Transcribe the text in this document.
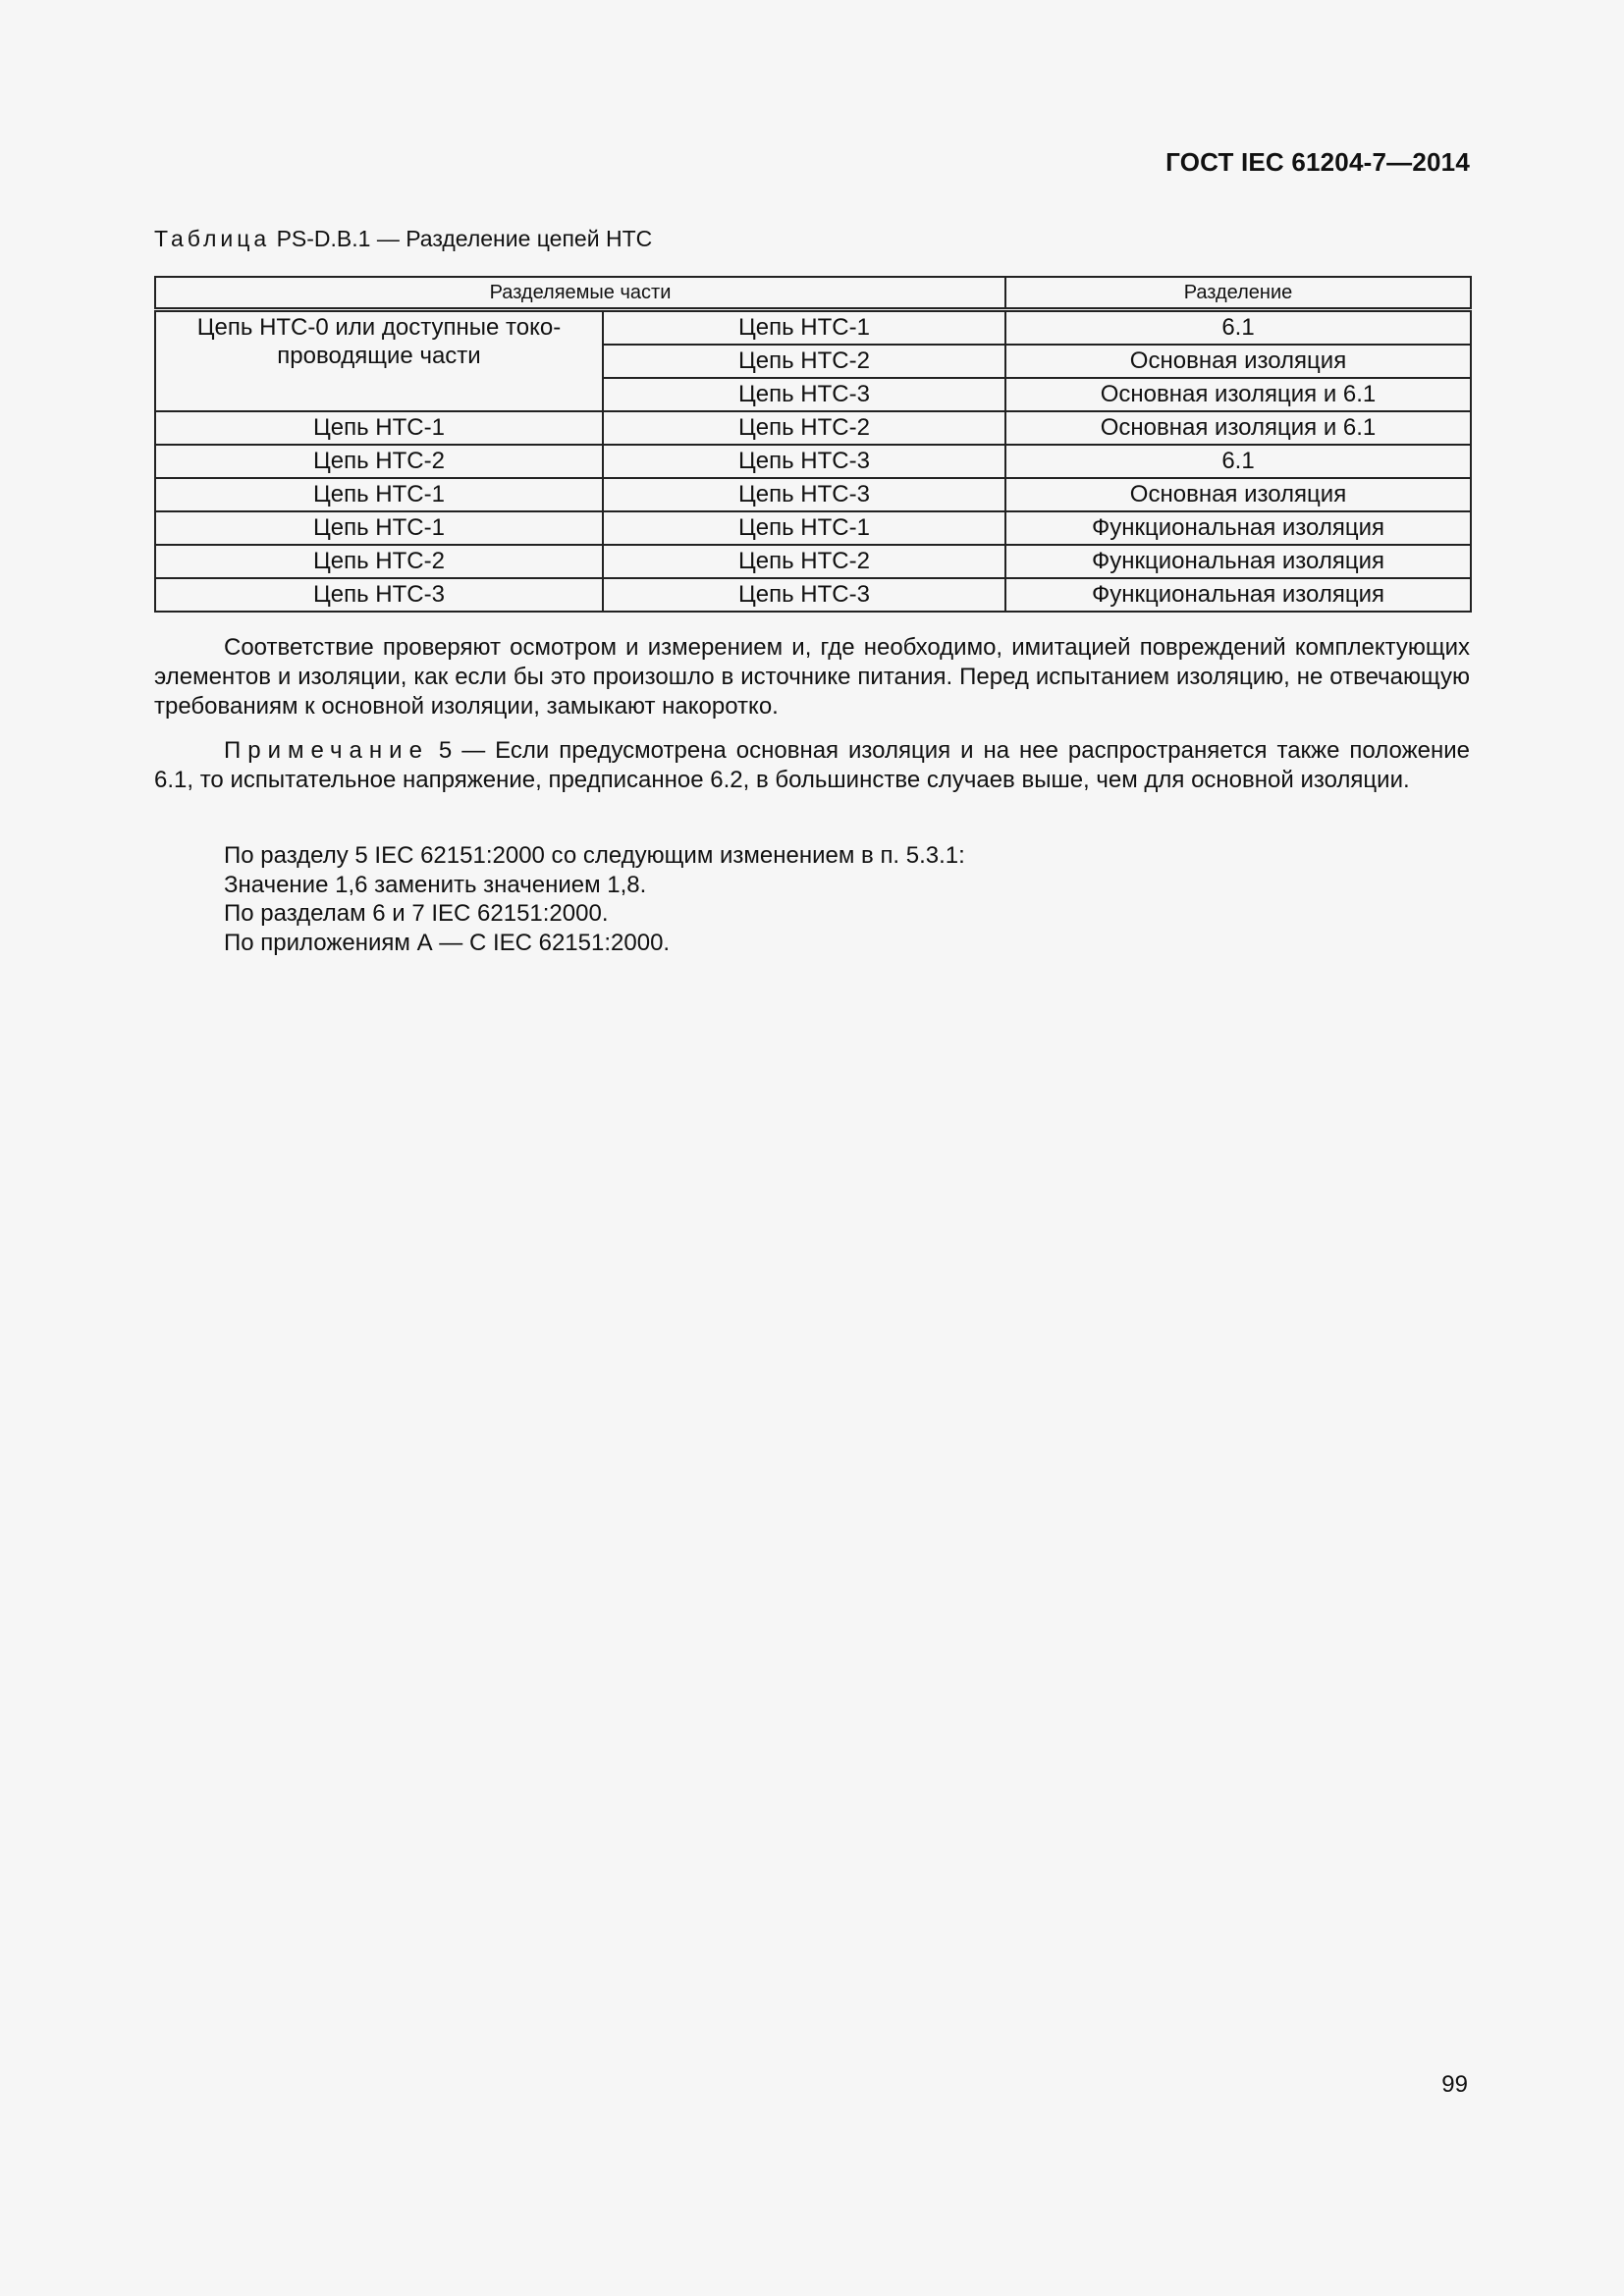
ГОСТ IEC 61204-7—2014
Таблица PS-D.B.1 — Разделение цепей НТС
Разделяемые части		Разделение
Цепь НТС-0 или доступные токо-проводящие части	Цепь НТС-1	6.1
	Цепь НТС-2	Основная изоляция
	Цепь НТС-3	Основная изоляция и 6.1
Цепь НТС-1	Цепь НТС-2	Основная изоляция и 6.1
Цепь НТС-2	Цепь НТС-3	6.1
Цепь НТС-1	Цепь НТС-3	Основная изоляция
Цепь НТС-1	Цепь НТС-1	Функциональная изоляция
Цепь НТС-2	Цепь НТС-2	Функциональная изоляция
Цепь НТС-3	Цепь НТС-3	Функциональная изоляция
Соответствие проверяют осмотром и измерением и, где необходимо, имитацией повреждений комплектующих элементов и изоляции, как если бы это произошло в источнике питания. Перед испытанием изоляцию, не отвечающую требованиям к основной изоляции, замыкают накоротко.
Примечание 5 — Если предусмотрена основная изоляция и на нее распространяется также положение 6.1, то испытательное напряжение, предписанное 6.2, в большинстве случаев выше, чем для основной изоляции.
По разделу 5 IEC 62151:2000 со следующим изменением в п. 5.3.1:
Значение 1,6 заменить значением 1,8.
По разделам 6 и 7 IEC 62151:2000.
По приложениям А — С IEC 62151:2000.
99
